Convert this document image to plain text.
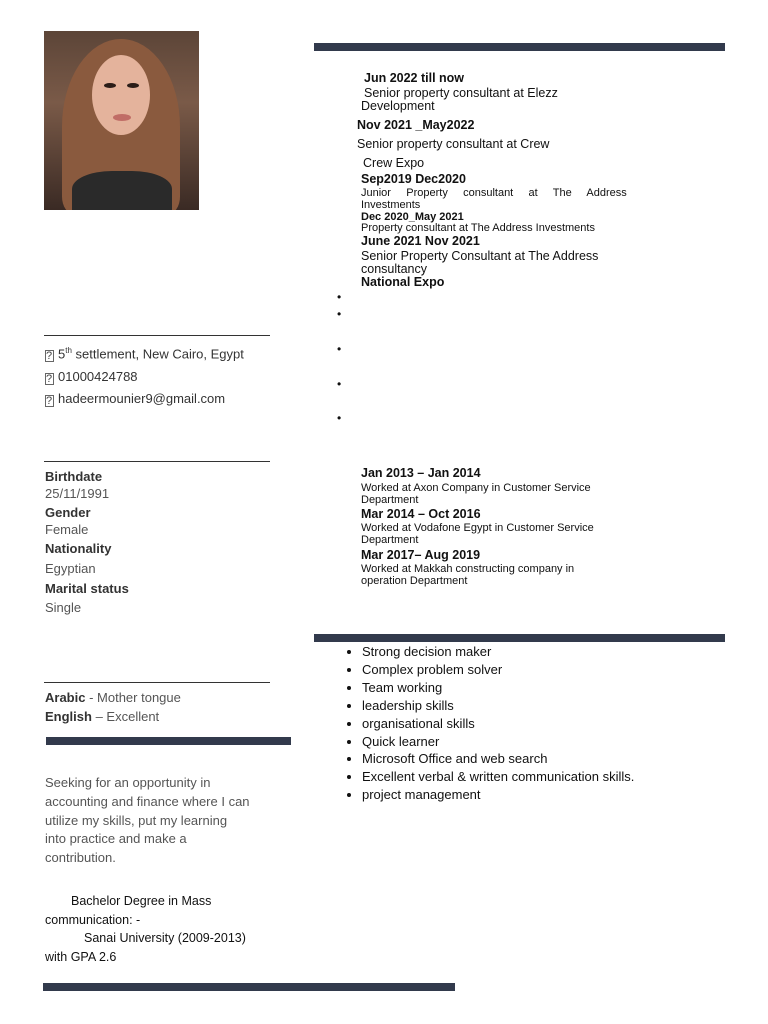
Jun 2022 till now
Senior property consultant at Elezz
Development
Nov 2021 _May2022
Senior property consultant at Crew
Crew Expo
Sep2019 Dec2020
Junior     Property     consultant     at     The     Address
Investments
Dec 2020_May 2021
Property consultant at The Address Investments
June 2021 Nov 2021
Senior Property Consultant at The Address
consultancy
National Expo
•
•
•
•
•
? 5th settlement, New Cairo, Egypt
? 01000424788
? hadeermounier9@gmail.com
Birthdate
25/11/1991
Gender
Female
Nationality
Egyptian
Marital status
Single
Jan 2013 – Jan 2014
Worked at Axon Company in Customer Service
Department
Mar 2014 – Oct 2016
Worked at Vodafone Egypt in Customer Service
Department
Mar 2017– Aug 2019
Worked at Makkah constructing company in
operation Department
• Strong decision maker
• Complex problem solver
• Team working
• leadership skills
• organisational skills
• Quick learner
• Microsoft Office and web search
• Excellent verbal & written communication skills.
• project management
Arabic - Mother tongue
English – Excellent
Seeking for an opportunity in
accounting and finance where I can
utilize my skills, put my learning
into practice and make a
contribution.
Bachelor Degree in Mass
communication: -
Sanai University (2009-2013)
with GPA 2.6
